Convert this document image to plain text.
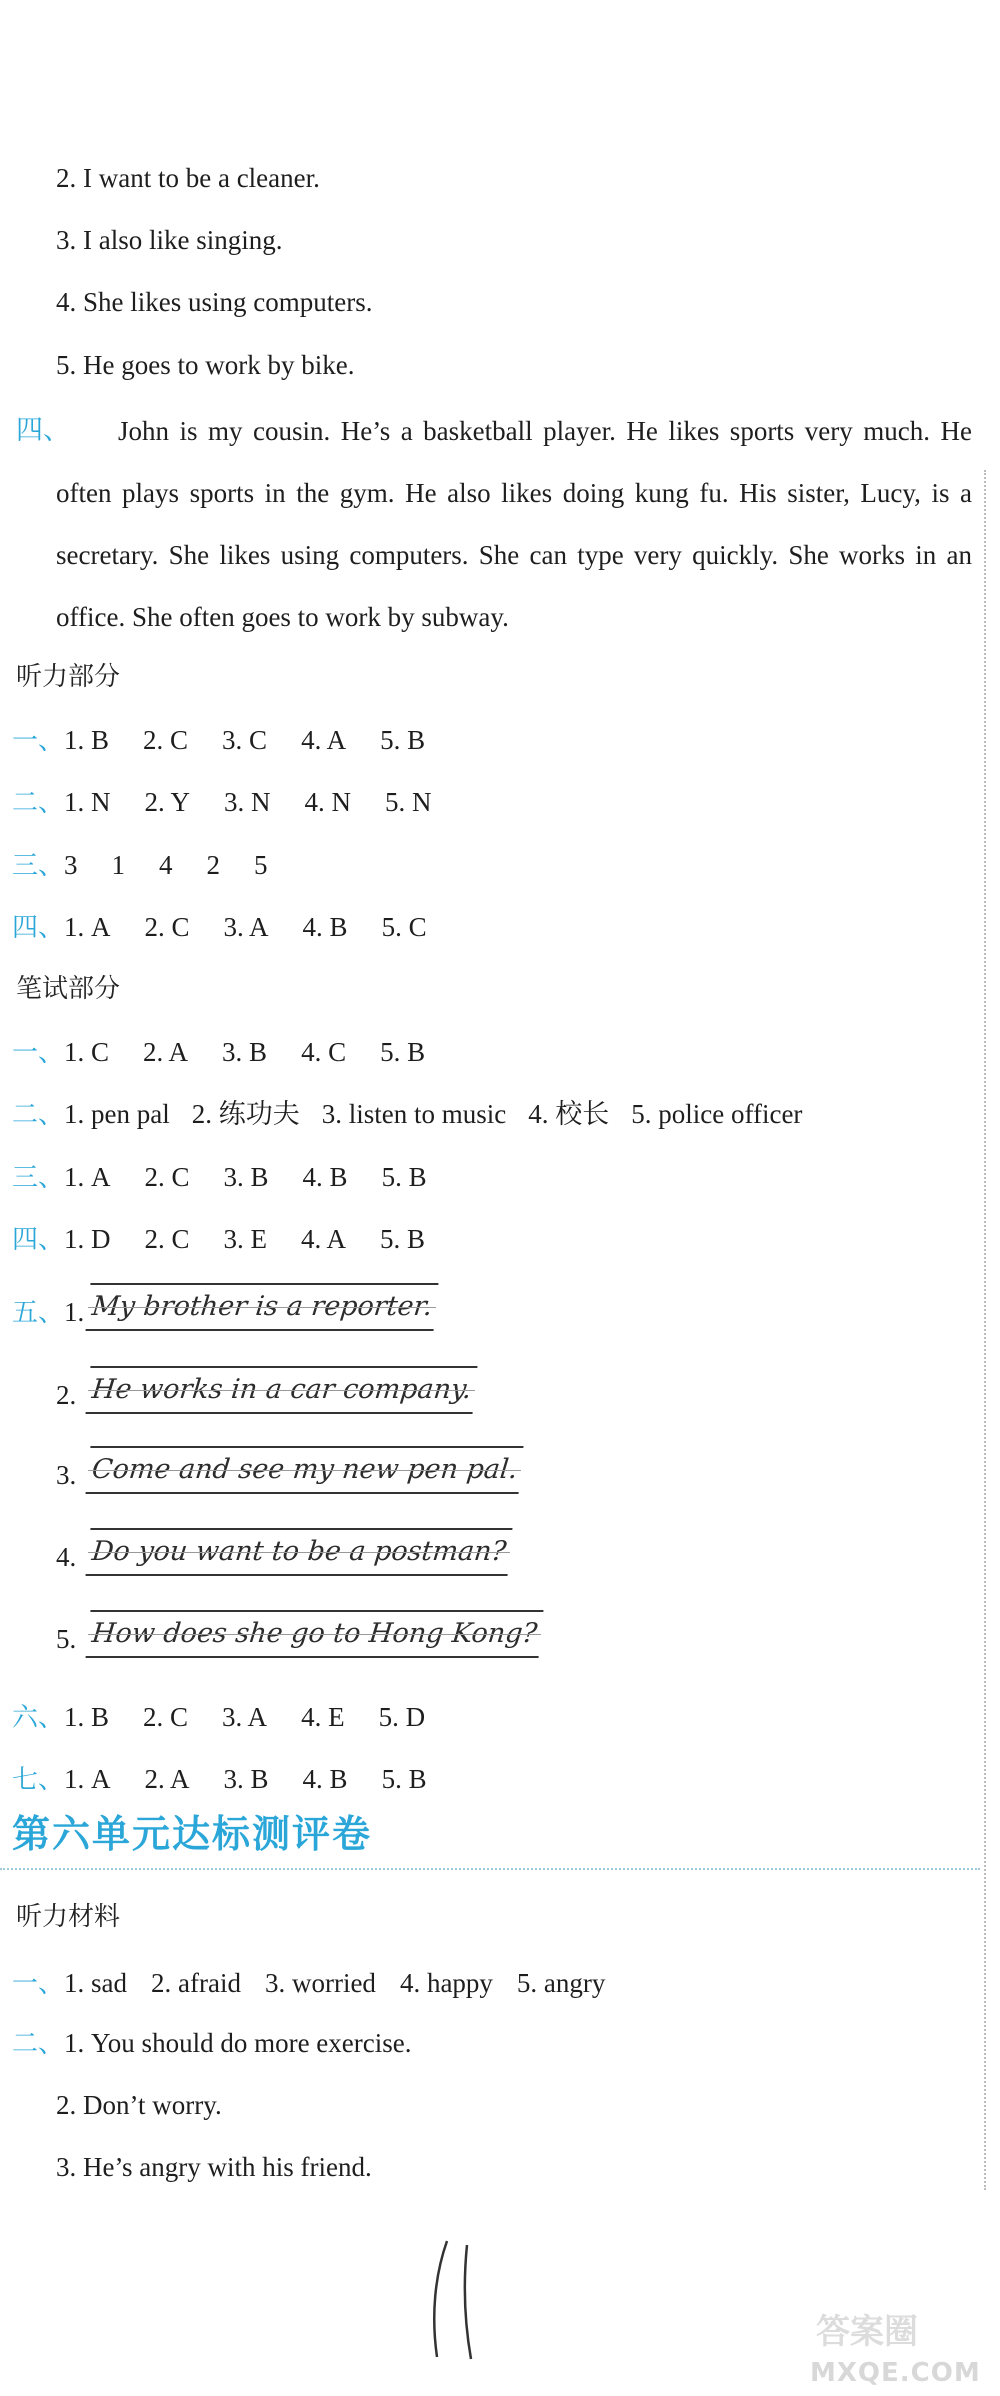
2. I want to be a cleaner.
3. I also like singing.
4. She likes using computers.
5. He goes to work by bike.
四、	John is my cousin. He’s a basketball player. He likes sports very much. He often plays sports in the gym. He also likes doing kung fu. His sister, Lucy, is a secretary. She likes using computers. She can type very quickly. She works in an office. She often goes to work by subway.

听力部分
一、1. B 2. C 3. C 4. A 5. B
二、1. N 2. Y 3. N 4. N 5. N
三、3 1 4 2 5
四、1. A 2. C 3. A 4. B 5. C
笔试部分
一、1. C 2. A 3. B 4. C 5. B
二、1. pen pal 2. 练功夫 3. listen to music 4. 校长 5. police officer
三、1. A 2. C 3. B 4. B 5. B
四、1. D 2. C 3. E 4. A 5. B
五、1. My brother is a reporter.
2. He works in a car company.
3. Come and see my new pen pal.
4. Do you want to be a postman?
5. How does she go to Hong Kong?
六、1. B 2. C 3. A 4. E 5. D
七、1. A 2. A 3. B 4. B 5. B
第六单元达标测评卷
听力材料
一、1. sad 2. afraid 3. worried 4. happy 5. angry
二、1. You should do more exercise.
2. Don’t worry.
3. He’s angry with his friend.
答案圈
MXQE.COM
